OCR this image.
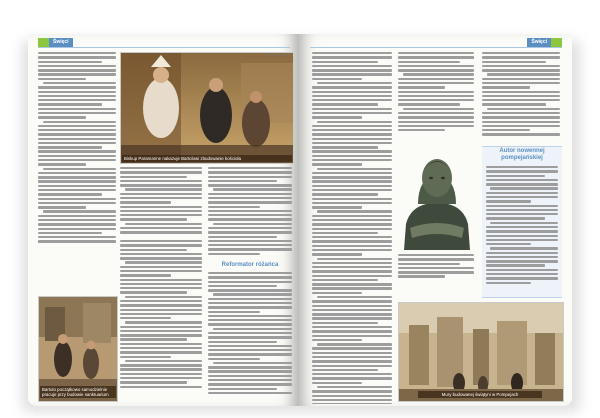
Święci
Fot. M. Mutz
Biskup Paramanne nakazuje Bartolowi zbudowanie kościoła
Reformator różańca
Bartolo początkowo samodzielnie pracuje przy budowie sanktuarium
Święci
Autor nowennej pompejańskiej
Mury budowanej świątyni w Pompejach
